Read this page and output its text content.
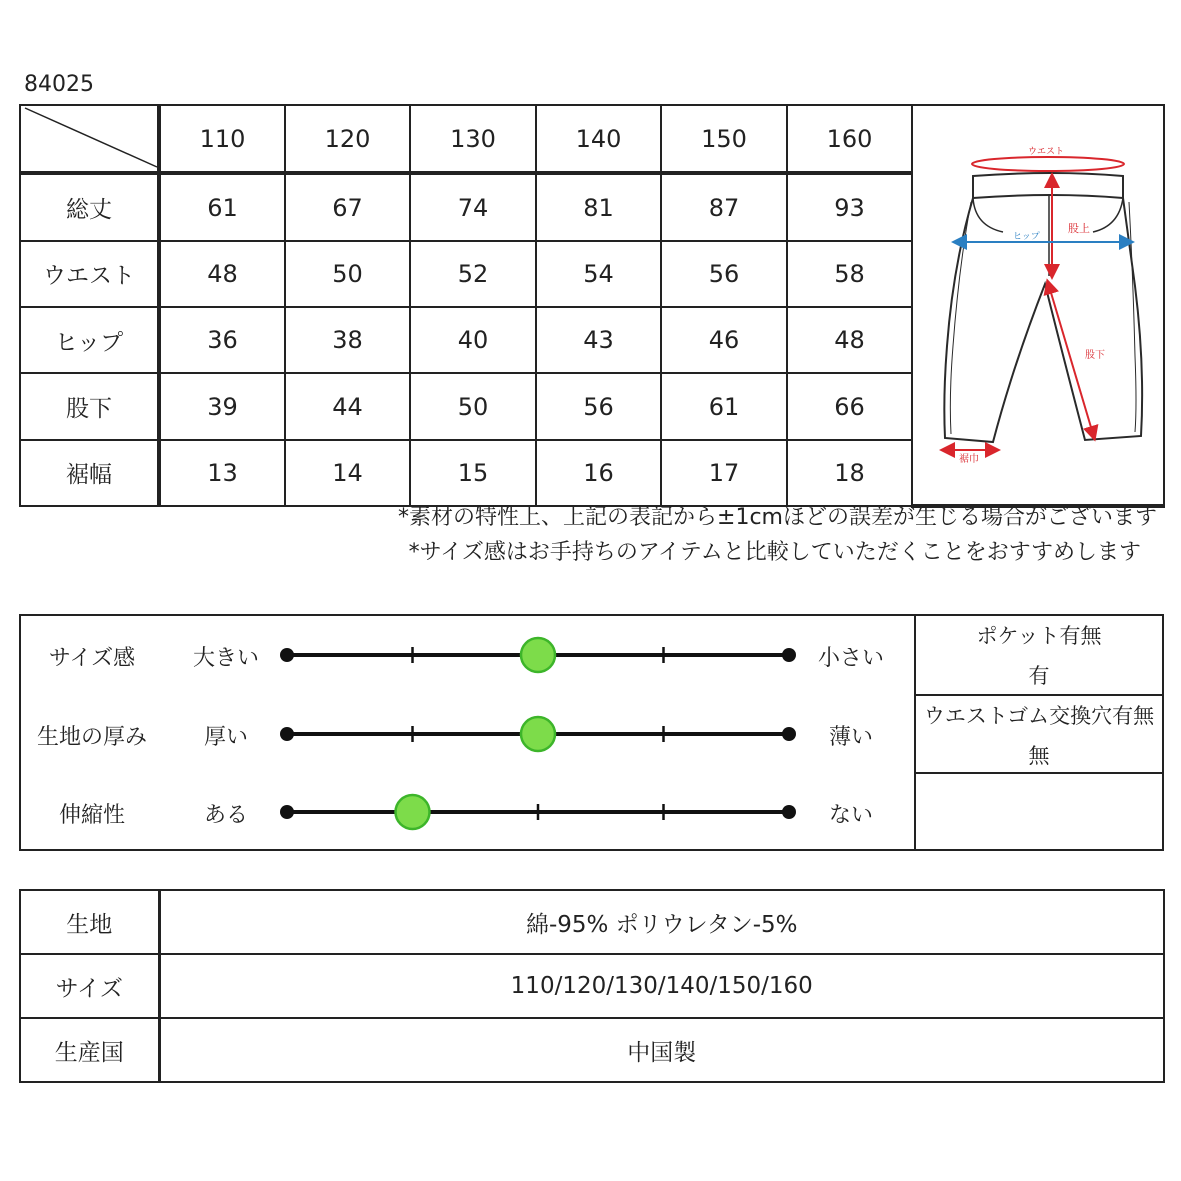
84025
	110	120	130	140	150	160	ウエスト
股上
ヒップ
股下
裾巾

総丈	61	67	74	81	87	93	
ウエスト	48	50	52	54	56	58	
ヒップ	36	38	40	43	46	48	
股下	39	44	50	56	61	66	
裾幅	13	14	15	16	17	18	
*素材の特性上、上記の表記から±1cmほどの誤差が生じる場合がございます
*サイズ感はお手持ちのアイテムと比較していただくことをおすすめします
サイズ感	大きい	小さい
生地の厚み	厚い	薄い
伸縮性	ある	ない
ポケット有無
有
ウエストゴム交換穴有無
無
生地	綿-95% ポリウレタン-5%
サイズ	110/120/130/140/150/160
生産国	中国製
